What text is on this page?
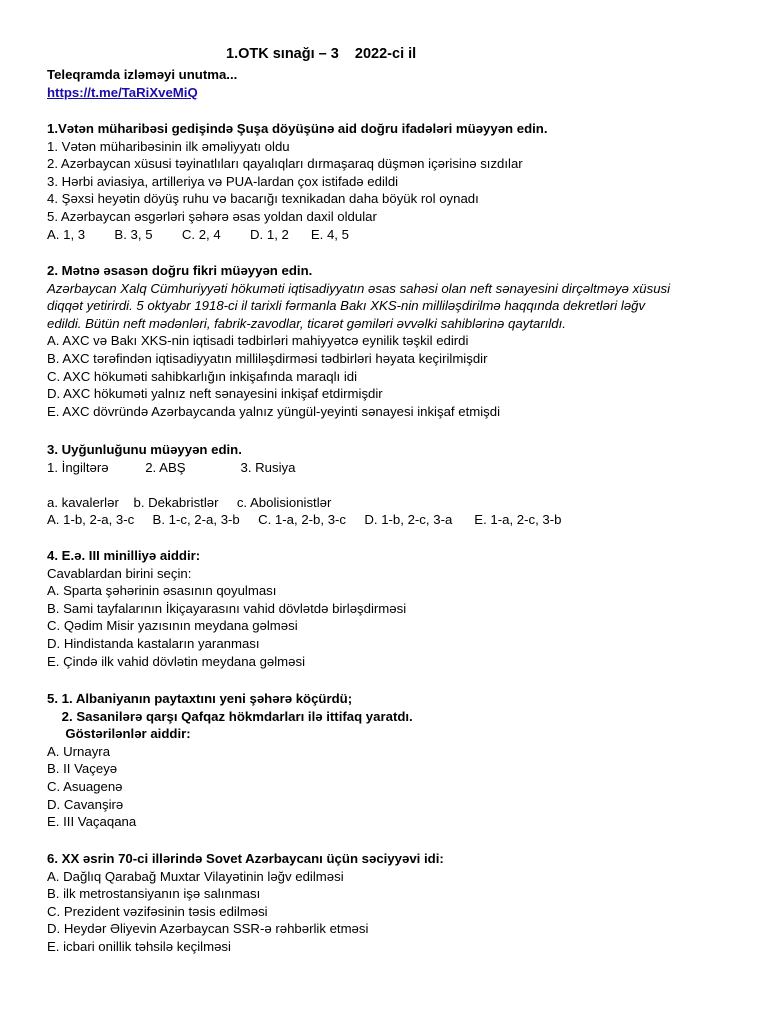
1.OTK sınağı – 3    2022-ci il
Teleqramda izləməyi unutma...
https://t.me/TaRiXveMiQ
1.Vətən müharibəsi gedişində Şuşa döyüşünə aid doğru ifadələri müəyyən edin.
1. Vətən müharibəsinin ilk əməliyyatı oldu
2. Azərbaycan xüsusi təyinatlıları qayalıqları dırmaşaraq düşmən içərisinə sızdılar
3. Hərbi aviasiya, artilleriya və PUA-lardan çox istifadə edildi
4. Şəxsi heyətin döyüş ruhu və bacarığı texnikadan daha böyük rol oynadı
5. Azərbaycan əsgərləri şəhərə əsas yoldan daxil oldular
A. 1, 3        B. 3, 5        C. 2, 4        D. 1, 2      E. 4, 5
2. Mətnə əsasən doğru fikri müəyyən edin.
Azərbaycan Xalq Cümhuriyyəti hökuməti iqtisadiyyatın əsas sahəsi olan neft sənayesini dirçəltməyə xüsusi
diqqət yetirirdi. 5 oktyabr 1918-ci il tarixli fərmanla Bakı XKS-nin milliləşdirilmə haqqında dekretləri ləğv
edildi. Bütün neft mədənləri, fabrik-zavodlar, ticarət gəmiləri əvvəlki sahiblərinə qaytarıldı.
A. AXC və Bakı XKS-nin iqtisadi tədbirləri mahiyyətcə eynilik təşkil edirdi
B. AXC tərəfindən iqtisadiyyatın milliləşdirməsi tədbirləri həyata keçirilmişdir
C. AXC hökuməti sahibkarlığın inkişafında maraqlı idi
D. AXC hökuməti yalnız neft sənayesini inkişaf etdirmişdir
E. AXC dövründə Azərbaycanda yalnız yüngül-yeyinti sənayesi inkişaf etmişdi
3. Uyğunluğunu müəyyən edin.
1. İngiltərə          2. ABŞ               3. Rusiya
a. kavalerlər    b. Dekabristlər     c. Abolisionistlər
A. 1-b, 2-a, 3-c     B. 1-c, 2-a, 3-b     C. 1-a, 2-b, 3-c     D. 1-b, 2-c, 3-a      E. 1-a, 2-c, 3-b
4. E.ə. III minilliyə aiddir:
Cavablardan birini seçin:
A. Sparta şəhərinin əsasının qoyulması
B. Sami tayfalarının İkiçayarasını vahid dövlətdə birləşdirməsi
C. Qədim Misir yazısının meydana gəlməsi
D. Hindistanda kastaların yaranması
E. Çində ilk vahid dövlətin meydana gəlməsi
5. 1. Albaniyanın paytaxtını yeni şəhərə köçürdü;
2. Sasanilərə qarşı Qafqaz hökmdarları ilə ittifaq yaratdı.
Göstərilənlər aiddir:
A. Urnayra
B. II Vaçeyə
C. Asuagenə
D. Cavanşirə
E. III Vaçaqana
6. XX əsrin 70-ci illərində Sovet Azərbaycanı üçün səciyyəvi idi:
A. Dağlıq Qarabağ Muxtar Vilayətinin ləğv edilməsi
B. ilk metrostansiyanın işə salınması
C. Prezident vəzifəsinin təsis edilməsi
D. Heydər Əliyevin Azərbaycan SSR-ə rəhbərlik etməsi
E. icbari onillik təhsilə keçilməsi
